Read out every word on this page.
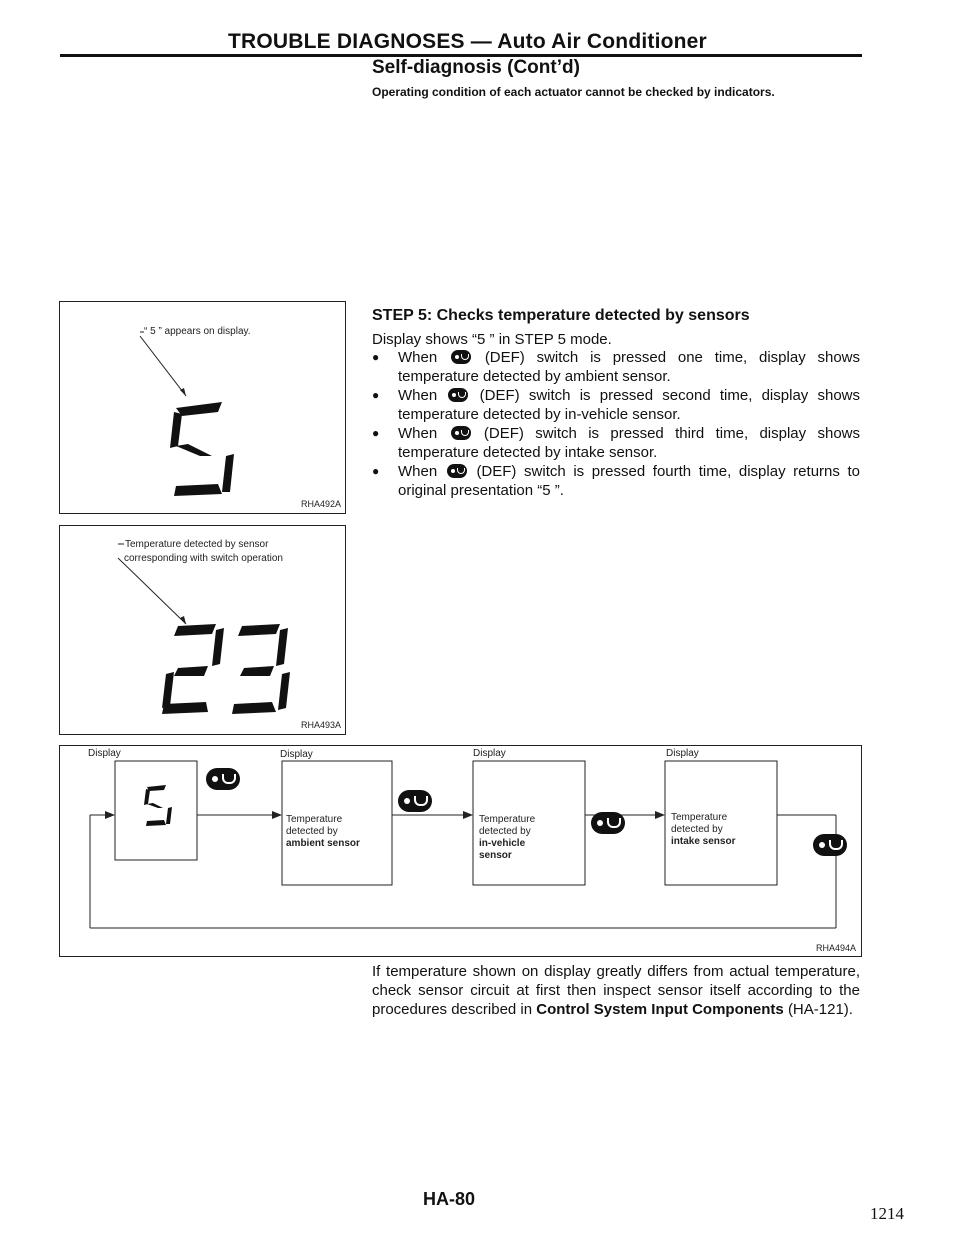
TROUBLE DIAGNOSES — Auto Air Conditioner
Self-diagnosis (Cont’d)
Operating condition of each actuator cannot be checked by indicators.
“ 5 ” appears on display.
RHA492A
Temperature detected by sensor
corresponding with switch operation
RHA493A
STEP 5: Checks temperature detected by sensors
Display shows “5 ” in STEP 5 mode.
● When	(DEF) switch is pressed one time, display shows temperature detected by ambient sensor.
● When	(DEF) switch is pressed second time, display shows temperature detected by in-vehicle sensor.
● When	(DEF) switch is pressed third time, display shows temperature detected by intake sensor.
● When	(DEF) switch is pressed fourth time, display returns to original presentation “5 ”.
Display	Display	Display	Display
Temperature
detected by
ambient sensor
Temperature
detected by
in-vehicle
sensor
Temperature
detected by
intake sensor
RHA494A
If temperature shown on display greatly differs from actual temperature, check sensor circuit at first then inspect sensor itself according to the procedures described in Control System Input Components (HA-121).
HA-80
1214
